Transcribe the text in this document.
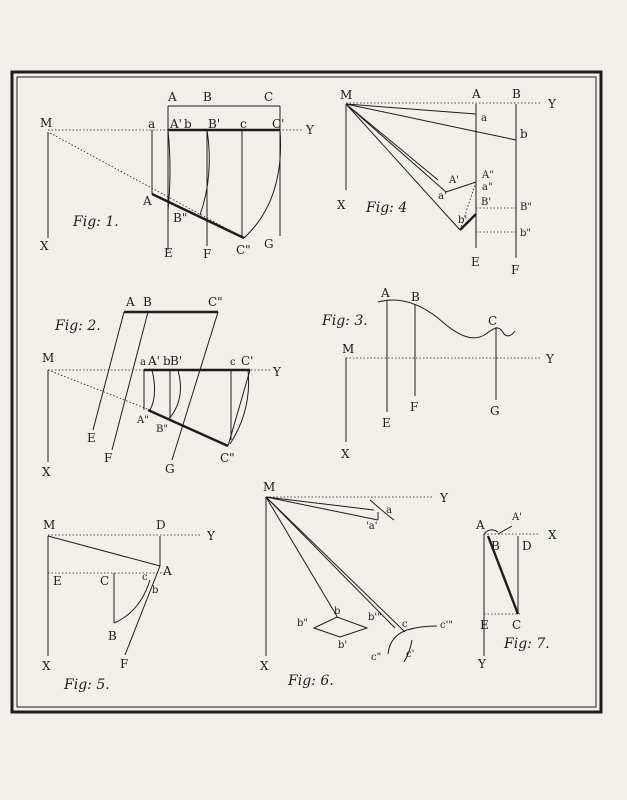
A B	C
M	a A' b B' c C' Y
A
B"
X	E	F C" G
Fig: 1.
M	A	B
Y
a
b
A' A"
a"
a'
B'	B"
b'
b"
X
E
F
Fig: 4
A B	C"
M	a A' b B'	c C'
Y
A"
B"
C"
E
F
G
X
Fig: 2.
A B
C
M
Y
E
F	G
X
Fig: 3.
M	D
Y
E	C	c A
b
B
X	F
Fig: 5.
M
Y
a
'a'
b"
b
b'"
b'
c	c'"
c" c'
X
Fig: 6.
A
A'
X
B D
E C
Y
Fig: 7.
